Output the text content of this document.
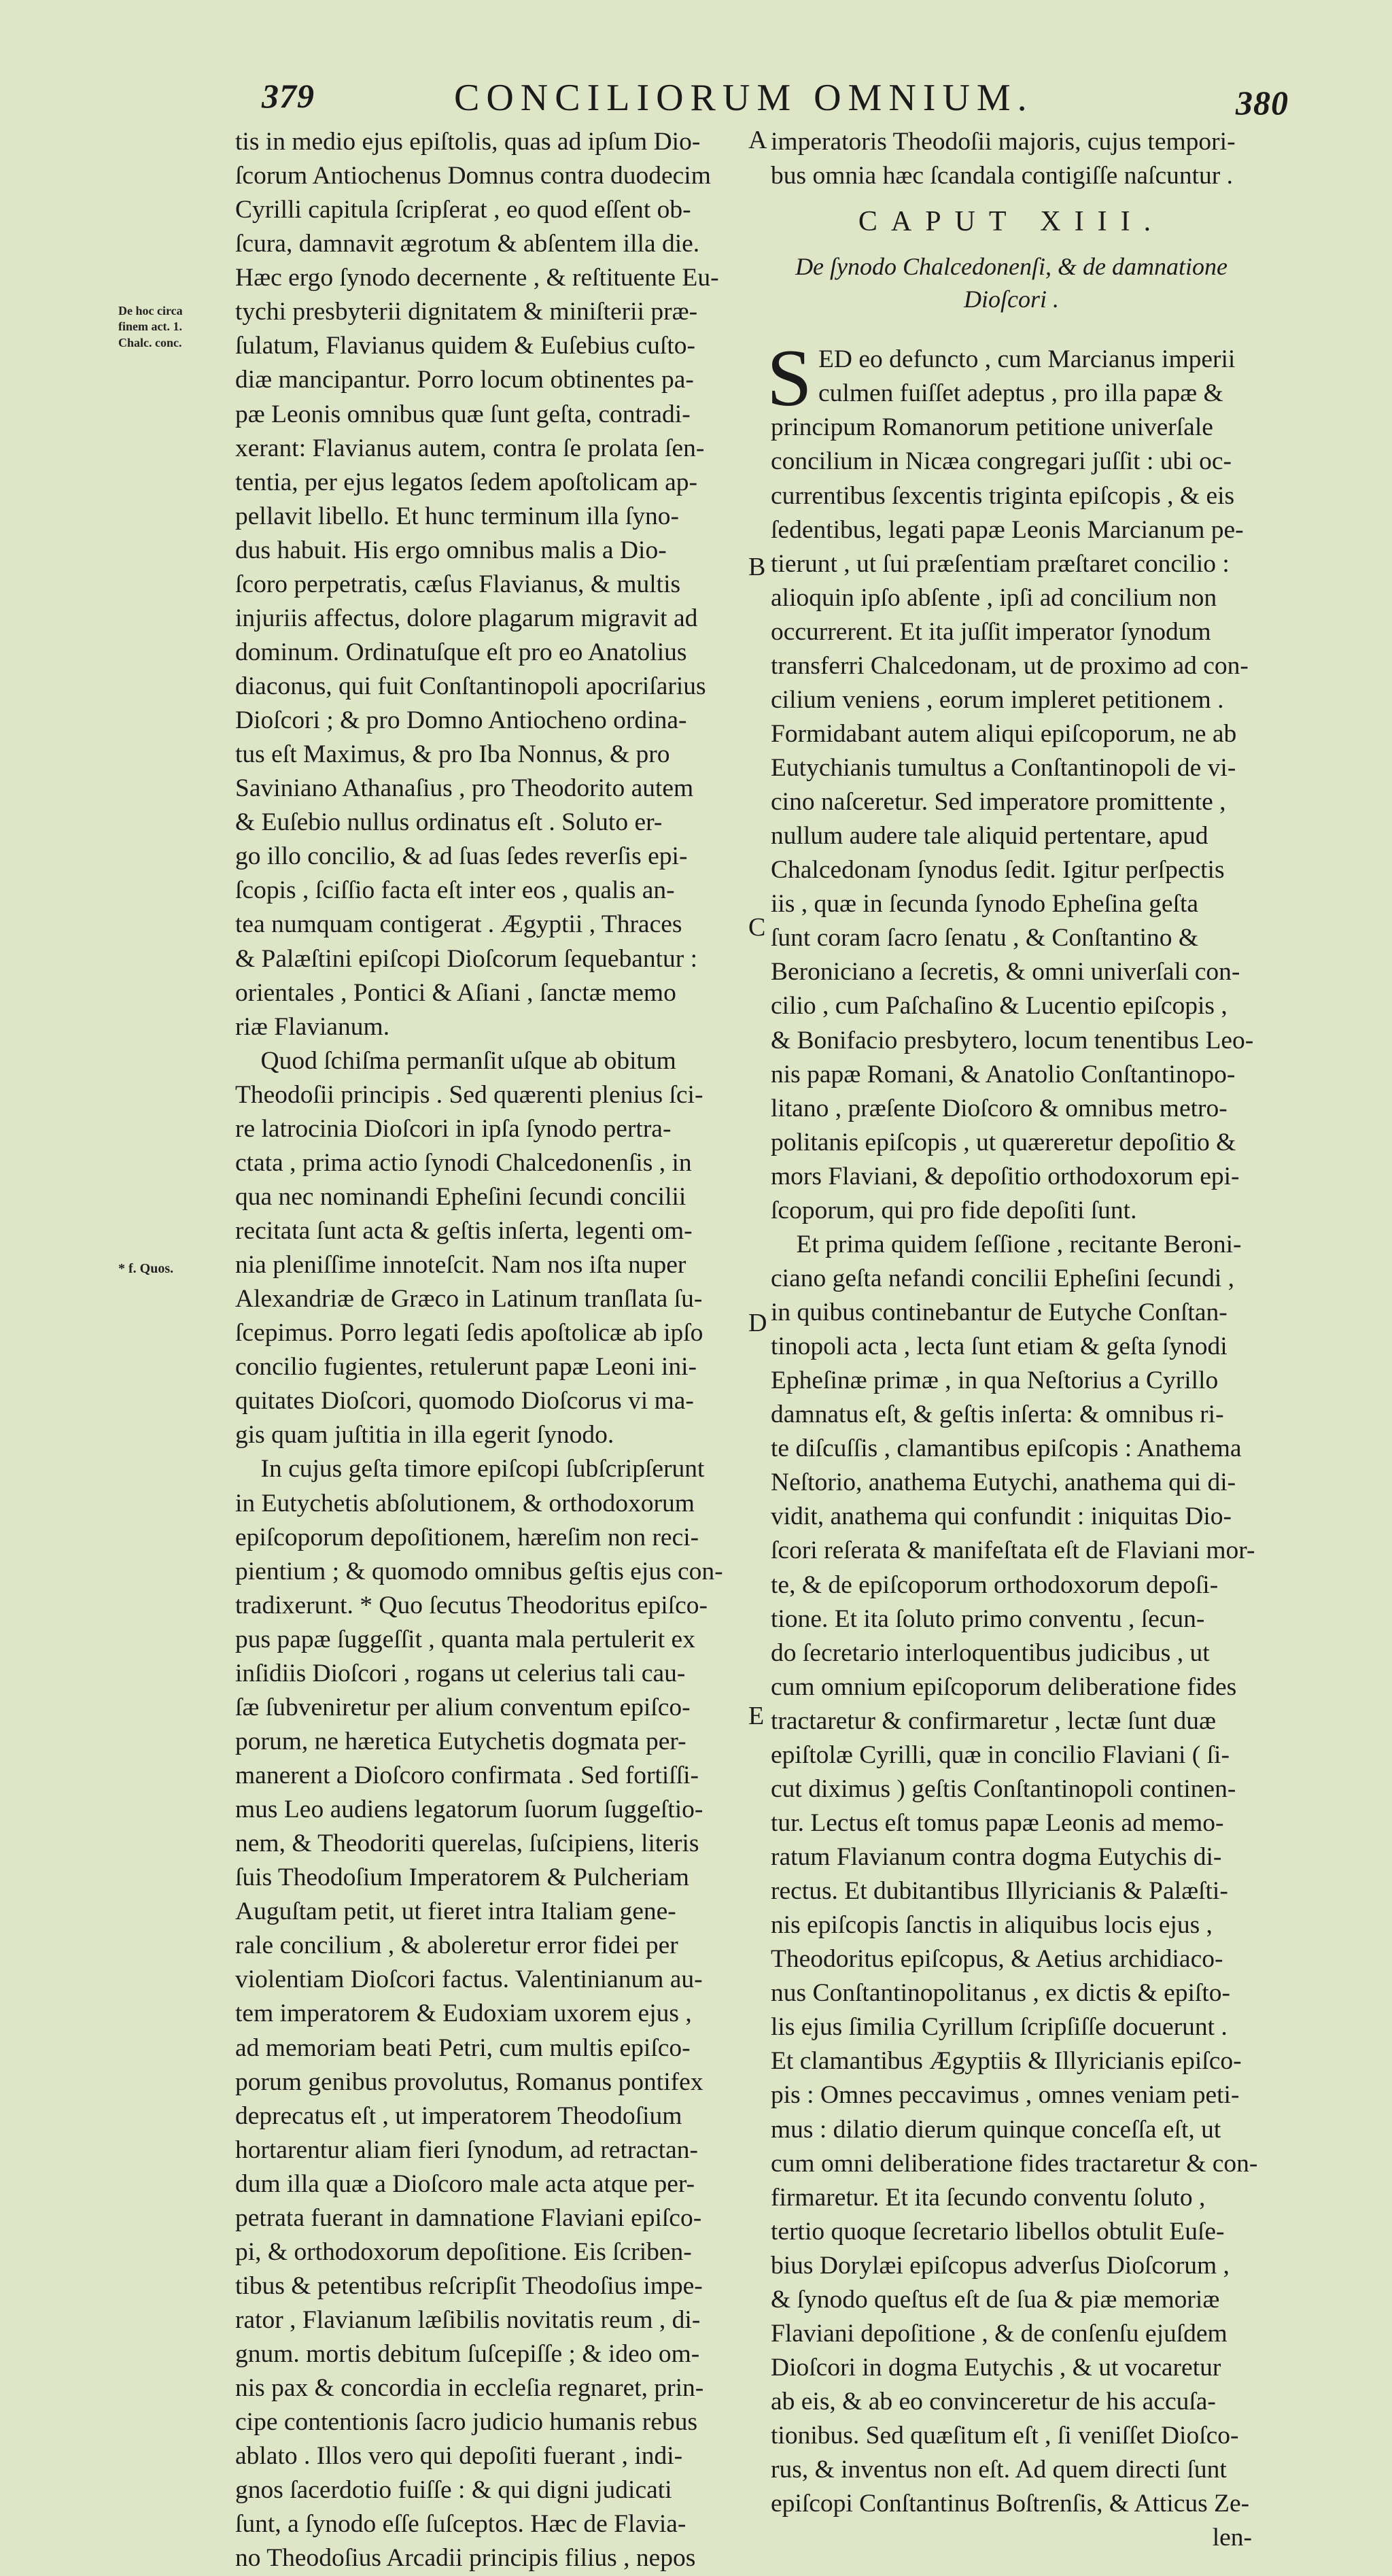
379	CONCILIORUM OMNIUM.	380
De hoc circa
finem act. 1.
Chalc. conc.
* f. Quos.
A
B
C
D
E
tis in medio ejus epiſtolis, quas ad ipſum Dio-
ſcorum Antiochenus Domnus contra duodecim
Cyrilli capitula ſcripſerat , eo quod eſſent ob-
ſcura, damnavit ægrotum & abſentem illa die.
Hæc ergo ſynodo decernente , & reſtituente Eu-
tychi presbyterii dignitatem & miniſterii præ-
ſulatum, Flavianus quidem & Euſebius cuſto-
diæ mancipantur. Porro locum obtinentes pa-
pæ Leonis omnibus quæ ſunt geſta, contradi-
xerant: Flavianus autem, contra ſe prolata ſen-
tentia, per ejus legatos ſedem apoſtolicam ap-
pellavit libello. Et hunc terminum illa ſyno-
dus habuit. His ergo omnibus malis a Dio-
ſcoro perpetratis, cæſus Flavianus, & multis
injuriis affectus, dolore plagarum migravit ad
dominum. Ordinatuſque eſt pro eo Anatolius
diaconus, qui fuit Conſtantinopoli apocriſarius
Dioſcori ; & pro Domno Antiocheno ordina-
tus eſt Maximus, & pro Iba Nonnus, & pro
Saviniano Athanaſius , pro Theodorito autem
& Euſebio nullus ordinatus eſt . Soluto er-
go illo concilio, & ad ſuas ſedes reverſis epi-
ſcopis , ſciſſio facta eſt inter eos , qualis an-
tea numquam contigerat . Ægyptii , Thraces
& Palæſtini epiſcopi Dioſcorum ſequebantur :
orientales , Pontici & Aſiani , ſanctæ memo
riæ Flavianum.
Quod ſchiſma permanſit uſque ab obitum
Theodoſii principis . Sed quærenti plenius ſci-
re latrocinia Dioſcori in ipſa ſynodo pertra-
ctata , prima actio ſynodi Chalcedonenſis , in
qua nec nominandi Epheſini ſecundi concilii
recitata ſunt acta & geſtis inſerta, legenti om-
nia pleniſſime innoteſcit. Nam nos iſta nuper
Alexandriæ de Græco in Latinum tranſlata ſu-
ſcepimus. Porro legati ſedis apoſtolicæ ab ipſo
concilio fugientes, retulerunt papæ Leoni ini-
quitates Dioſcori, quomodo Dioſcorus vi ma-
gis quam juſtitia in illa egerit ſynodo.
In cujus geſta timore epiſcopi ſubſcripſerunt
in Eutychetis abſolutionem, & orthodoxorum
epiſcoporum depoſitionem, hæreſim non reci-
pientium ; & quomodo omnibus geſtis ejus con-
tradixerunt. * Quo ſecutus Theodoritus epiſco-
pus papæ ſuggeſſit , quanta mala pertulerit ex
inſidiis Dioſcori , rogans ut celerius tali cau-
ſæ ſubveniretur per alium conventum epiſco-
porum, ne hæretica Eutychetis dogmata per-
manerent a Dioſcoro confirmata . Sed fortiſſi-
mus Leo audiens legatorum ſuorum ſuggeſtio-
nem, & Theodoriti querelas, ſuſcipiens, literis
ſuis Theodoſium Imperatorem & Pulcheriam
Auguſtam petit, ut fieret intra Italiam gene-
rale concilium , & aboleretur error fidei per
violentiam Dioſcori factus. Valentinianum au-
tem imperatorem & Eudoxiam uxorem ejus ,
ad memoriam beati Petri, cum multis epiſco-
porum genibus provolutus, Romanus pontifex
deprecatus eſt , ut imperatorem Theodoſium
hortarentur aliam fieri ſynodum, ad retractan-
dum illa quæ a Dioſcoro male acta atque per-
petrata fuerant in damnatione Flaviani epiſco-
pi, & orthodoxorum depoſitione. Eis ſcriben-
tibus & petentibus reſcripſit Theodoſius impe-
rator , Flavianum læſibilis novitatis reum , di-
gnum. mortis debitum ſuſcepiſſe ; & ideo om-
nis pax & concordia in eccleſia regnaret, prin-
cipe contentionis ſacro judicio humanis rebus
ablato . Illos vero qui depoſiti fuerant , indi-
gnos ſacerdotio fuiſſe : & qui digni judicati
ſunt, a ſynodo eſſe ſuſceptos. Hæc de Flavia-
no Theodoſius Arcadii principis filius , nepos
imperatoris Theodoſii majoris, cujus tempori-
bus omnia hæc ſcandala contigiſſe naſcuntur .
CAPUT XIII.
De ſynodo Chalcedonenſi, & de damnatione
Dioſcori .
S ED eo defuncto , cum Marcianus imperii
culmen fuiſſet adeptus , pro illa papæ &
principum Romanorum petitione univerſale
concilium in Nicæa congregari juſſit : ubi oc-
currentibus ſexcentis triginta epiſcopis , & eis
ſedentibus, legati papæ Leonis Marcianum pe-
tierunt , ut ſui præſentiam præſtaret concilio :
alioquin ipſo abſente , ipſi ad concilium non
occurrerent. Et ita juſſit imperator ſynodum
transferri Chalcedonam, ut de proximo ad con-
cilium veniens , eorum impleret petitionem .
Formidabant autem aliqui epiſcoporum, ne ab
Eutychianis tumultus a Conſtantinopoli de vi-
cino naſceretur. Sed imperatore promittente ,
nullum audere tale aliquid pertentare, apud
Chalcedonam ſynodus ſedit. Igitur perſpectis
iis , quæ in ſecunda ſynodo Epheſina geſta
ſunt coram ſacro ſenatu , & Conſtantino &
Beroniciano a ſecretis, & omni univerſali con-
cilio , cum Paſchaſino & Lucentio epiſcopis ,
& Bonifacio presbytero, locum tenentibus Leo-
nis papæ Romani, & Anatolio Conſtantinopo-
litano , præſente Dioſcoro & omnibus metro-
politanis epiſcopis , ut quæreretur depoſitio &
mors Flaviani, & depoſitio orthodoxorum epi-
ſcoporum, qui pro fide depoſiti ſunt.
Et prima quidem ſeſſione , recitante Beroni-
ciano geſta nefandi concilii Epheſini ſecundi ,
in quibus continebantur de Eutyche Conſtan-
tinopoli acta , lecta ſunt etiam & geſta ſynodi
Epheſinæ primæ , in qua Neſtorius a Cyrillo
damnatus eſt, & geſtis inſerta: & omnibus ri-
te diſcuſſis , clamantibus epiſcopis : Anathema
Neſtorio, anathema Eutychi, anathema qui di-
vidit, anathema qui confundit : iniquitas Dio-
ſcori reſerata & manifeſtata eſt de Flaviani mor-
te, & de epiſcoporum orthodoxorum depoſi-
tione. Et ita ſoluto primo conventu , ſecun-
do ſecretario interloquentibus judicibus , ut
cum omnium epiſcoporum deliberatione fides
tractaretur & confirmaretur , lectæ ſunt duæ
epiſtolæ Cyrilli, quæ in concilio Flaviani ( ſi-
cut diximus ) geſtis Conſtantinopoli continen-
tur. Lectus eſt tomus papæ Leonis ad memo-
ratum Flavianum contra dogma Eutychis di-
rectus. Et dubitantibus Illyricianis & Palæſti-
nis epiſcopis ſanctis in aliquibus locis ejus ,
Theodoritus epiſcopus, & Aetius archidiaco-
nus Conſtantinopolitanus , ex dictis & epiſto-
lis ejus ſimilia Cyrillum ſcripſiſſe docuerunt .
Et clamantibus Ægyptiis & Illyricianis epiſco-
pis : Omnes peccavimus , omnes veniam peti-
mus : dilatio dierum quinque conceſſa eſt, ut
cum omni deliberatione fides tractaretur & con-
firmaretur. Et ita ſecundo conventu ſoluto ,
tertio quoque ſecretario libellos obtulit Euſe-
bius Dorylæi epiſcopus adverſus Dioſcorum ,
& ſynodo queſtus eſt de ſua & piæ memoriæ
Flaviani depoſitione , & de conſenſu ejuſdem
Dioſcori in dogma Eutychis , & ut vocaretur
ab eis, & ab eo convinceretur de his accuſa-
tionibus. Sed quæſitum eſt , ſi veniſſet Dioſco-
rus, & inventus non eſt. Ad quem directi ſunt
epiſcopi Conſtantinus Boſtrenſis, & Atticus Ze-
len-
